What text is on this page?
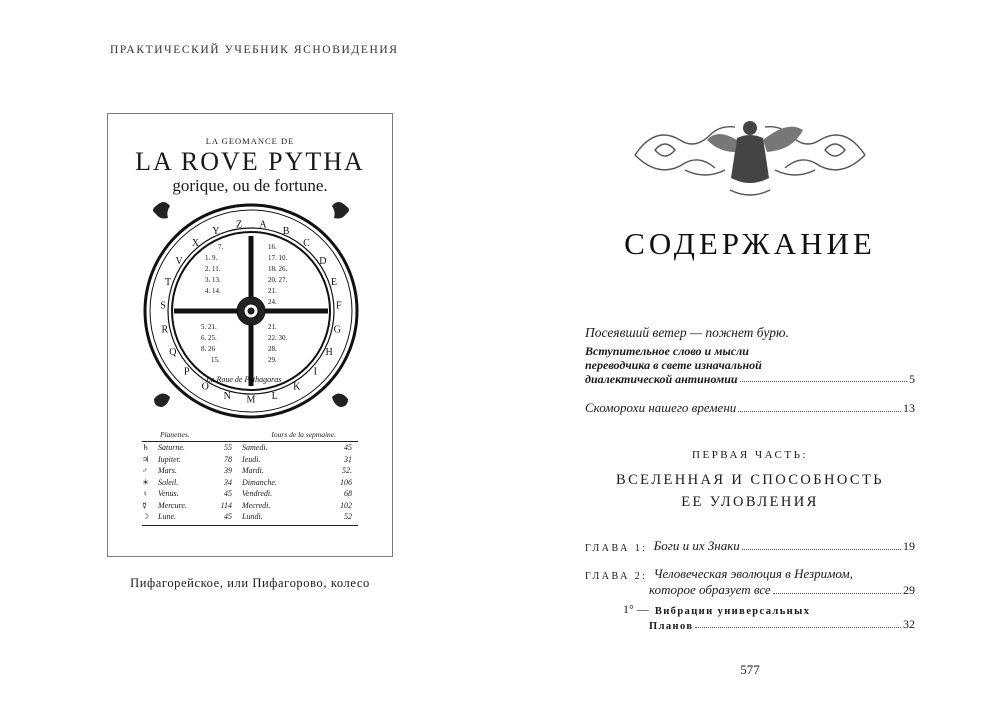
ПРАКТИЧЕСКИЙ УЧЕБНИК ЯСНОВИДЕНИЯ
LA GEOMANCE DE
LA ROVE PYTHA
gorique, ou de fortune.
A
B
C
D
E
F
G
H
I
K
L
M
N
O
P
Q
R
S
T
V
X
Y
Z
7. 1. 9. 2. 11. 3. 13. 4. 14.
16. 17. 10. 18. 26. 20. 27. 21. 24.
5. 21. 6. 25. 8. 26 15.
21. 22. 30. 28. 29.
La Roue de Pythagoras
Planettes.	Iours de la sepmaine.
♄	Saturne.	55	Samedi.	45
♃	Iupiter.	78	Ieudi.	31
♂	Mars.	39	Mardi.	52.
☀	Soleil.	34	Dimanche.	106
♀	Venus.	45	Vendredi.	68
☿	Mercure.	114	Mecredi.	102
☽	Lune.	45	Lundi.	52
Пифагорейское, или Пифагорово, колесо
СОДЕРЖАНИЕ
Посеявший ветер — пожнет бурю.
Вступительное слово и мысли
переводчика в свете изначальной
диалектической антиномии	5
Скоморохи нашего времени	13
ПЕРВАЯ ЧАСТЬ:
ВСЕЛЕННАЯ И СПОСОБНОСТЬ
ЕЕ УЛОВЛЕНИЯ
ГЛАВА 1: Боги и их Знаки	19
ГЛАВА 2: Человеческая эволюция в Незримом,
которое образует все	29
1° — Вибрации универсальных
Планов	32
577
